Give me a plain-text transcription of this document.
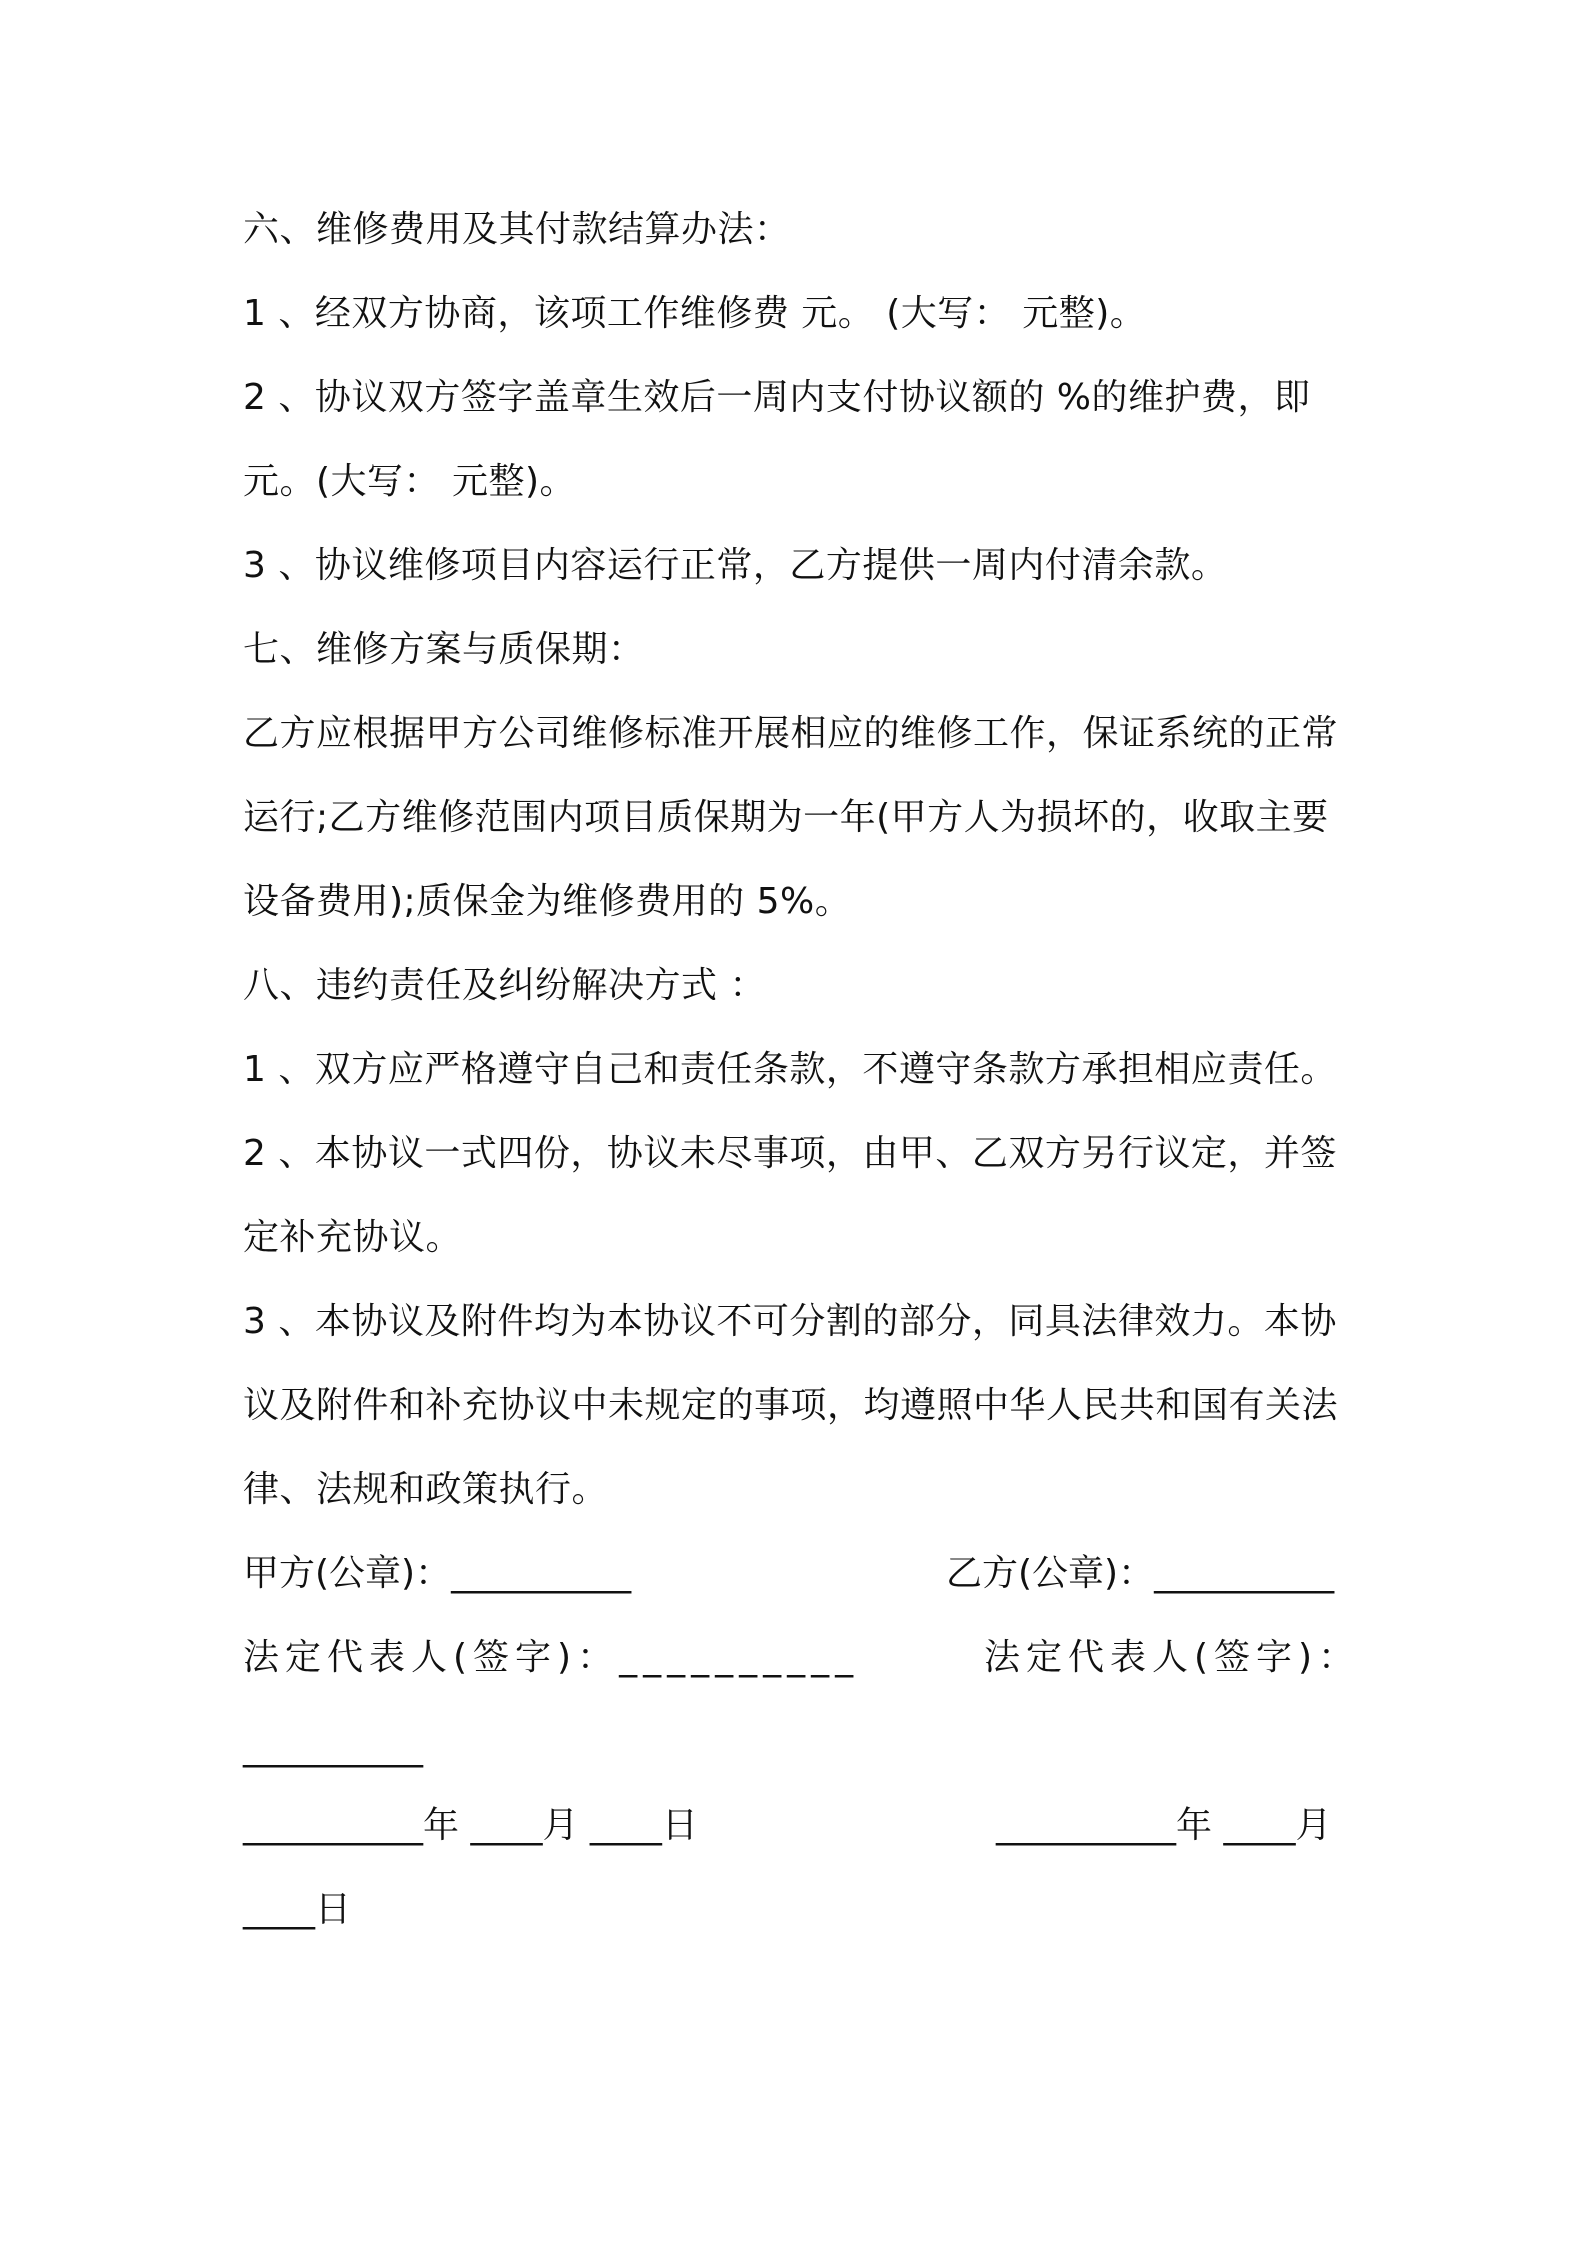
六、维修费用及其付款结算办法：
1 、经双方协商，该项工作维修费 元。 (大写： 元整)。
2 、协议双方签字盖章生效后一周内支付协议额的 %的维护费，即
元。(大写： 元整)。
3 、协议维修项目内容运行正常，乙方提供一周内付清余款。
七、维修方案与质保期：
乙方应根据甲方公司维修标准开展相应的维修工作，保证系统的正常
运行;乙方维修范围内项目质保期为一年(甲方人为损坏的，收取主要
设备费用);质保金为维修费用的 5%。
八、违约责任及纠纷解决方式 ：
1 、双方应严格遵守自己和责任条款，不遵守条款方承担相应责任。
2 、本协议一式四份，协议未尽事项，由甲、乙双方另行议定，并签
定补充协议。
3 、本协议及附件均为本协议不可分割的部分，同具法律效力。本协
议及附件和补充协议中未规定的事项，均遵照中华人民共和国有关法
律、法规和政策执行。
甲方(公章)：__________	乙方(公章)：__________
法定代表人(签字)：__________	法定代表人(签字)：
__________
__________年 ____月 ____日	__________年 ____月
____日
